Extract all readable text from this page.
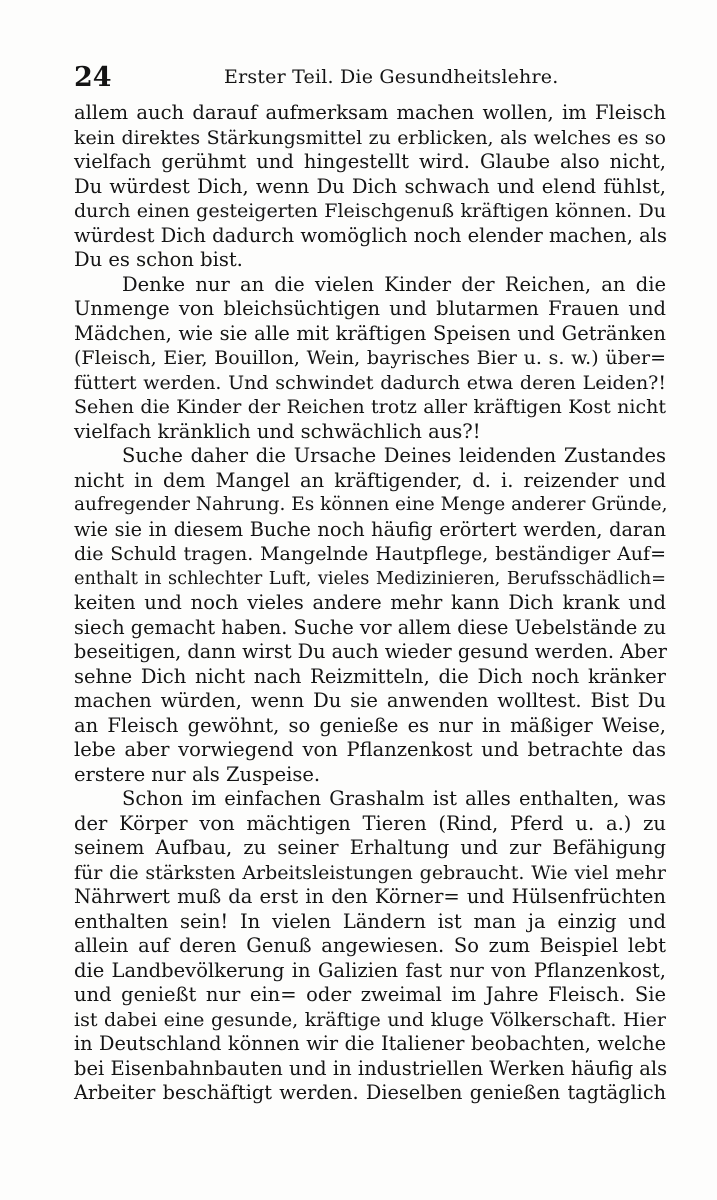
24	Erster Teil. Die Gesundheitslehre.
allem auch darauf aufmerksam machen wollen, im Fleisch
kein direktes Stärkungsmittel zu erblicken, als welches es so
vielfach gerühmt und hingestellt wird. Glaube also nicht,
Du würdest Dich, wenn Du Dich schwach und elend fühlst,
durch einen gesteigerten Fleischgenuß kräftigen können. Du
würdest Dich dadurch womöglich noch elender machen, als
Du es schon bist.
Denke nur an die vielen Kinder der Reichen, an die
Unmenge von bleichsüchtigen und blutarmen Frauen und
Mädchen, wie sie alle mit kräftigen Speisen und Getränken
(Fleisch, Eier, Bouillon, Wein, bayrisches Bier u. s. w.) über=
füttert werden. Und schwindet dadurch etwa deren Leiden?!
Sehen die Kinder der Reichen trotz aller kräftigen Kost nicht
vielfach kränklich und schwächlich aus?!
Suche daher die Ursache Deines leidenden Zustandes
nicht in dem Mangel an kräftigender, d. i. reizender und
aufregender Nahrung. Es können eine Menge anderer Gründe,
wie sie in diesem Buche noch häufig erörtert werden, daran
die Schuld tragen. Mangelnde Hautpflege, beständiger Auf=
enthalt in schlechter Luft, vieles Medizinieren, Berufsschädlich=
keiten und noch vieles andere mehr kann Dich krank und
siech gemacht haben. Suche vor allem diese Uebelstände zu
beseitigen, dann wirst Du auch wieder gesund werden. Aber
sehne Dich nicht nach Reizmitteln, die Dich noch kränker
machen würden, wenn Du sie anwenden wolltest. Bist Du
an Fleisch gewöhnt, so genieße es nur in mäßiger Weise,
lebe aber vorwiegend von Pflanzenkost und betrachte das
erstere nur als Zuspeise.
Schon im einfachen Grashalm ist alles enthalten, was
der Körper von mächtigen Tieren (Rind, Pferd u. a.) zu
seinem Aufbau, zu seiner Erhaltung und zur Befähigung
für die stärksten Arbeitsleistungen gebraucht. Wie viel mehr
Nährwert muß da erst in den Körner= und Hülsenfrüchten
enthalten sein! In vielen Ländern ist man ja einzig und
allein auf deren Genuß angewiesen. So zum Beispiel lebt
die Landbevölkerung in Galizien fast nur von Pflanzenkost,
und genießt nur ein= oder zweimal im Jahre Fleisch. Sie
ist dabei eine gesunde, kräftige und kluge Völkerschaft. Hier
in Deutschland können wir die Italiener beobachten, welche
bei Eisenbahnbauten und in industriellen Werken häufig als
Arbeiter beschäftigt werden. Dieselben genießen tagtäglich
